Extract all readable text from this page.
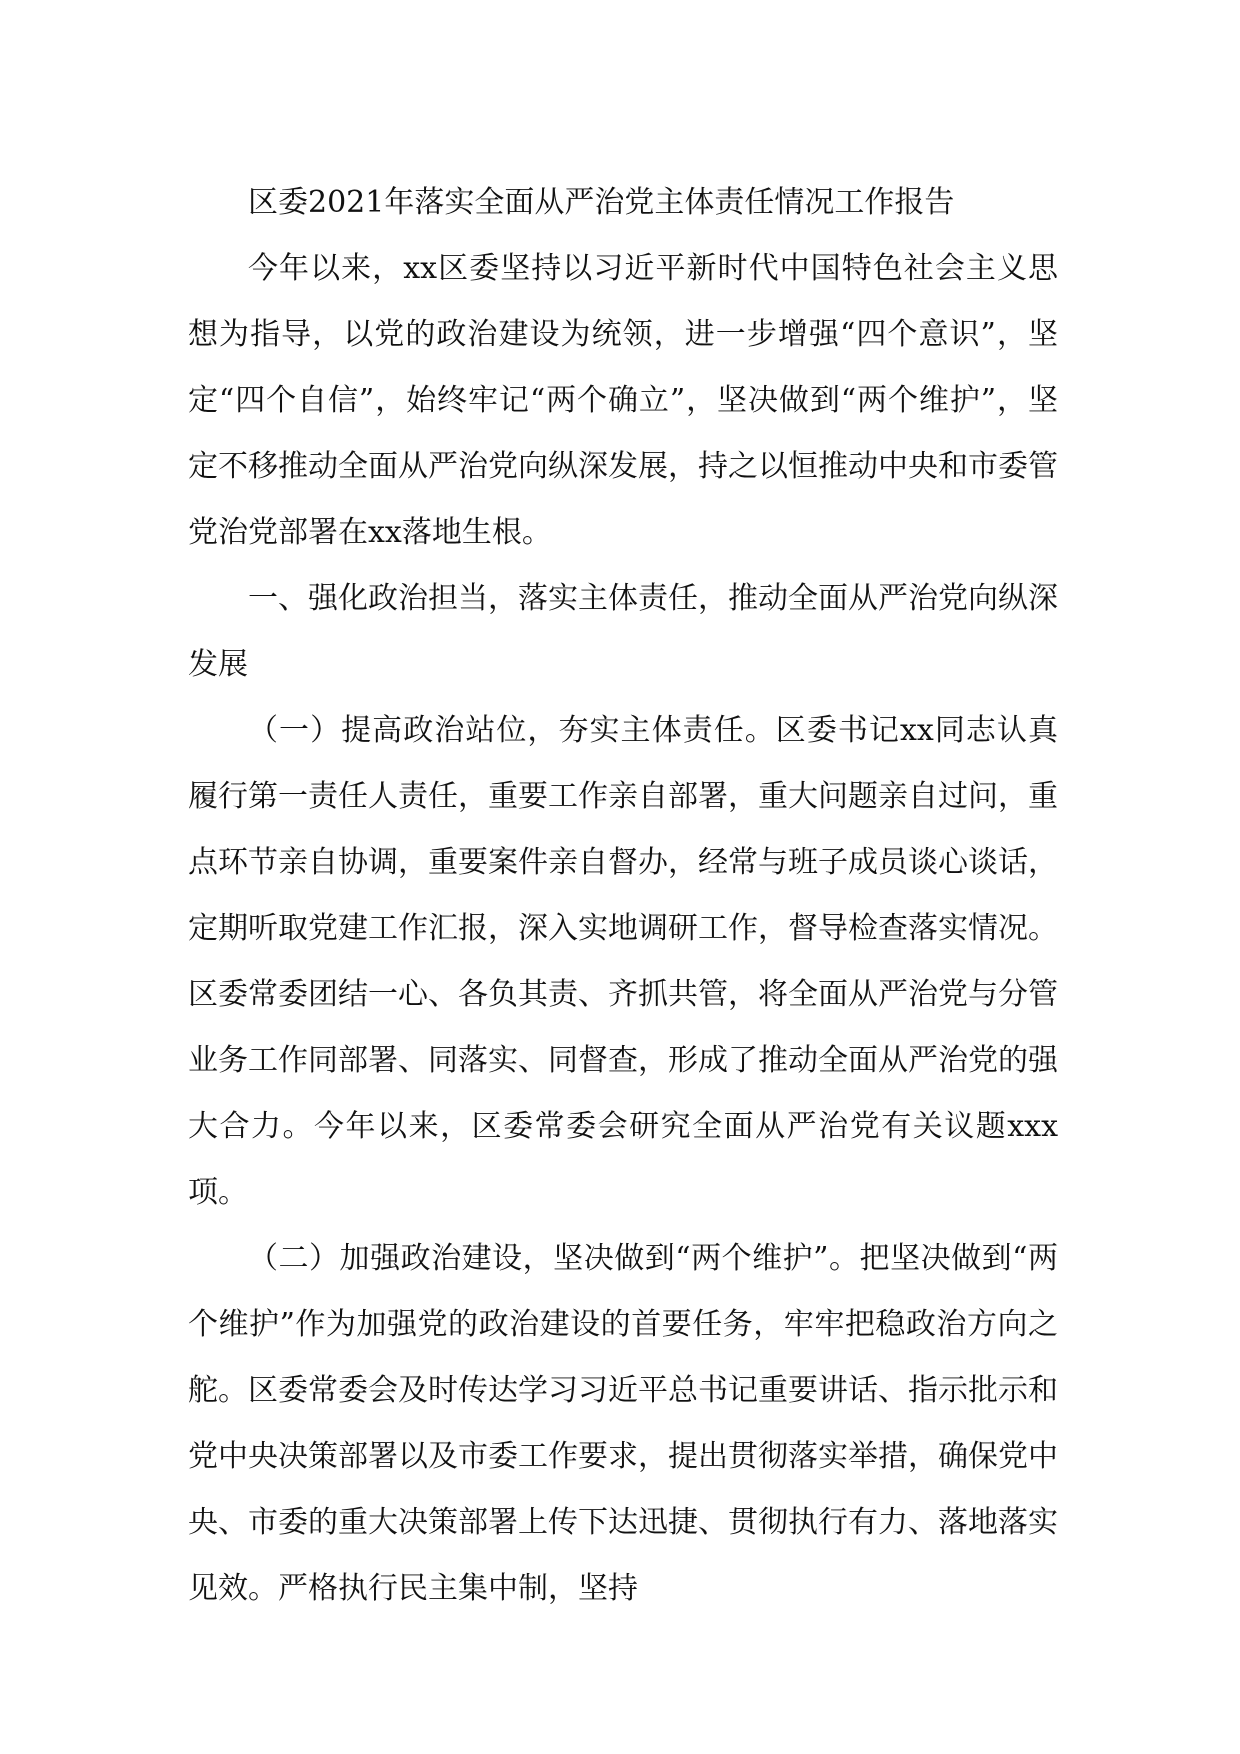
区委2021年落实全面从严治党主体责任情况工作报告

今年以来，xx区委坚持以习近平新时代中国特色社会主义思想为指导，以党的政治建设为统领，进一步增强“四个意识”，坚定“四个自信”，始终牢记“两个确立”，坚决做到“两个维护”，坚定不移推动全面从严治党向纵深发展，持之以恒推动中央和市委管党治党部署在xx落地生根。

一、强化政治担当，落实主体责任，推动全面从严治党向纵深发展

（一）提高政治站位，夯实主体责任。区委书记xx同志认真履行第一责任人责任，重要工作亲自部署，重大问题亲自过问，重点环节亲自协调，重要案件亲自督办，经常与班子成员谈心谈话，定期听取党建工作汇报，深入实地调研工作，督导检查落实情况。区委常委团结一心、各负其责、齐抓共管，将全面从严治党与分管业务工作同部署、同落实、同督查，形成了推动全面从严治党的强大合力。今年以来，区委常委会研究全面从严治党有关议题xxx项。

（二）加强政治建设，坚决做到“两个维护”。把坚决做到“两个维护”作为加强党的政治建设的首要任务，牢牢把稳政治方向之舵。区委常委会及时传达学习习近平总书记重要讲话、指示批示和党中央决策部署以及市委工作要求，提出贯彻落实举措，确保党中央、市委的重大决策部署上传下达迅捷、贯彻执行有力、落地落实见效。严格执行民主集中制，坚持
